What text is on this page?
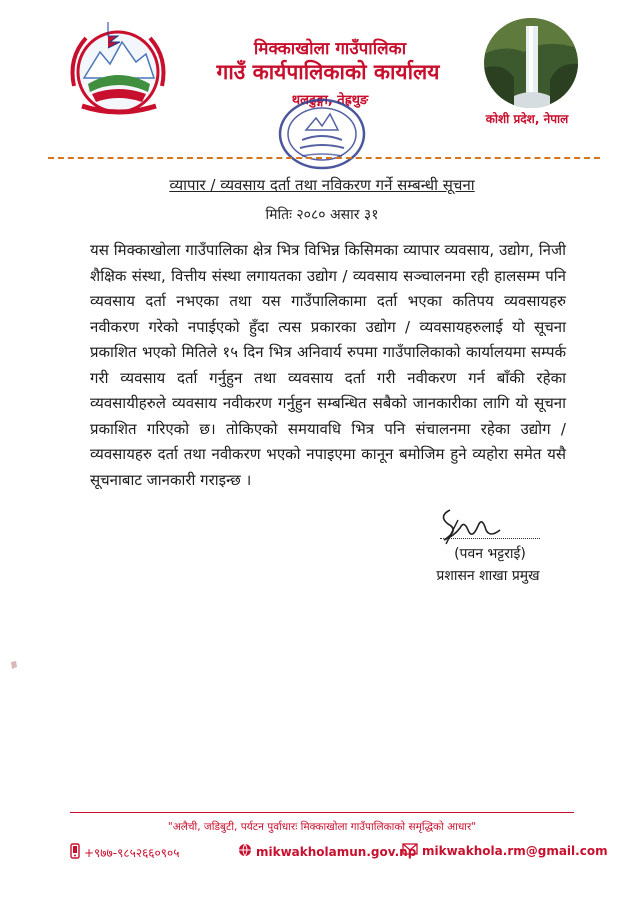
मिक्काखोला गाउँपालिका
गाउँ कार्यपालिकाको कार्यालय
थलढुङ्गा, तेह्रथुङ
कोशी प्रदेश, नेपाल
व्यापार / व्यवसाय दर्ता तथा नविकरण गर्ने सम्बन्धी सूचना
मितिः २०८० असार ३१
यस मिक्काखोला गाउँपालिका क्षेत्र भित्र विभिन्न किसिमका व्यापार व्यवसाय, उद्योग, निजी शैक्षिक संस्था, वित्तीय संस्था लगायतका उद्योग / व्यवसाय सञ्चालनमा रही हालसम्म पनि व्यवसाय दर्ता नभएका तथा यस गाउँपालिकामा दर्ता भएका कतिपय व्यवसायहरु नवीकरण गरेको नपाईएको हुँदा त्यस प्रकारका उद्योग / व्यवसायहरुलाई यो सूचना प्रकाशित भएको मितिले १५ दिन भित्र अनिवार्य रुपमा गाउँपालिकाको कार्यालयमा सम्पर्क गरी व्यवसाय दर्ता गर्नुहुन तथा व्यवसाय दर्ता गरी नवीकरण गर्न बाँकी रहेका व्यवसायीहरुले व्यवसाय नवीकरण गर्नुहुन सम्बन्धित सबैको जानकारीका लागि यो सूचना प्रकाशित गरिएको छ। तोकिएको समयावधि भित्र पनि संचालनमा रहेका उद्योग / व्यवसायहरु दर्ता तथा नवीकरण भएको नपाइएमा कानून बमोजिम हुने व्यहोरा समेत यसै सूचनाबाट जानकारी गराइन्छ ।
(पवन भट्टराई)
प्रशासन शाखा प्रमुख
"अलैची, जडिबुटी, पर्यटन पुर्वाधारः मिक्काखोला गाउँपालिकाको समृद्धिको आधार"
+९७७-९८५२६६०९०५	mikwakholamun.gov.np mikwakhola.rm@gmail.com
